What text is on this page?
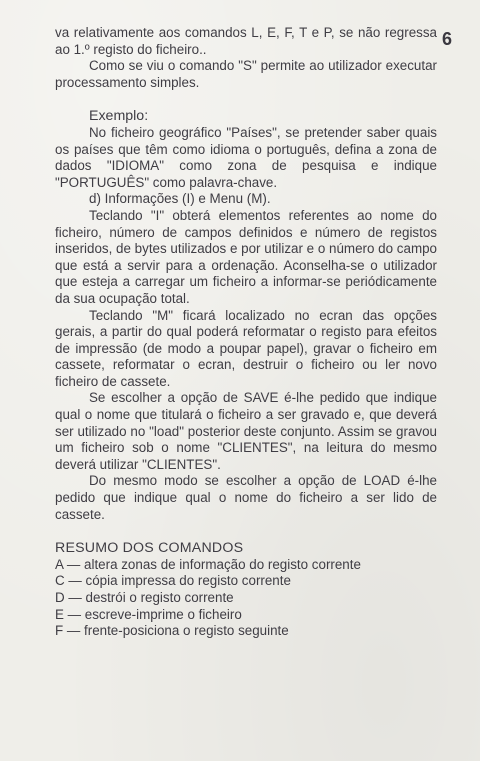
6

va relativamente aos comandos L, E, F, T e P, se não regressa ao 1.º registo do ficheiro..

Como se viu o comando "S" permite ao utilizador executar processamento simples.

Exemplo:

No ficheiro geográfico "Países", se pretender saber quais os países que têm como idioma o português, defina a zona de dados "IDIOMA" como zona de pesquisa e indique "PORTUGUÊS" como palavra-chave.

d) Informações (I) e Menu (M).

Teclando "I" obterá elementos referentes ao nome do ficheiro, número de campos definidos e número de registos inseridos, de bytes utilizados e por utilizar e o número do campo que está a servir para a ordenação. Aconselha-se o utilizador que esteja a carregar um ficheiro a informar-se periódicamente da sua ocupação total.

Teclando "M" ficará localizado no ecran das opções gerais, a partir do qual poderá reformatar o registo para efeitos de impressão (de modo a poupar papel), gravar o ficheiro em cassete, reformatar o ecran, destruir o ficheiro ou ler novo ficheiro de cassete.

Se escolher a opção de SAVE é-lhe pedido que indique qual o nome que titulará o ficheiro a ser gravado e, que deverá ser utilizado no "load" posterior deste conjunto. Assim se gravou um ficheiro sob o nome "CLIENTES", na leitura do mesmo deverá utilizar "CLIENTES".

Do mesmo modo se escolher a opção de LOAD é-lhe pedido que indique qual o nome do ficheiro a ser lido de cassete.

RESUMO DOS COMANDOS

A — altera zonas de informação do registo corrente
C — cópia impressa do registo corrente
D — destrói o registo corrente
E — escreve-imprime o ficheiro
F — frente-posiciona o registo seguinte
